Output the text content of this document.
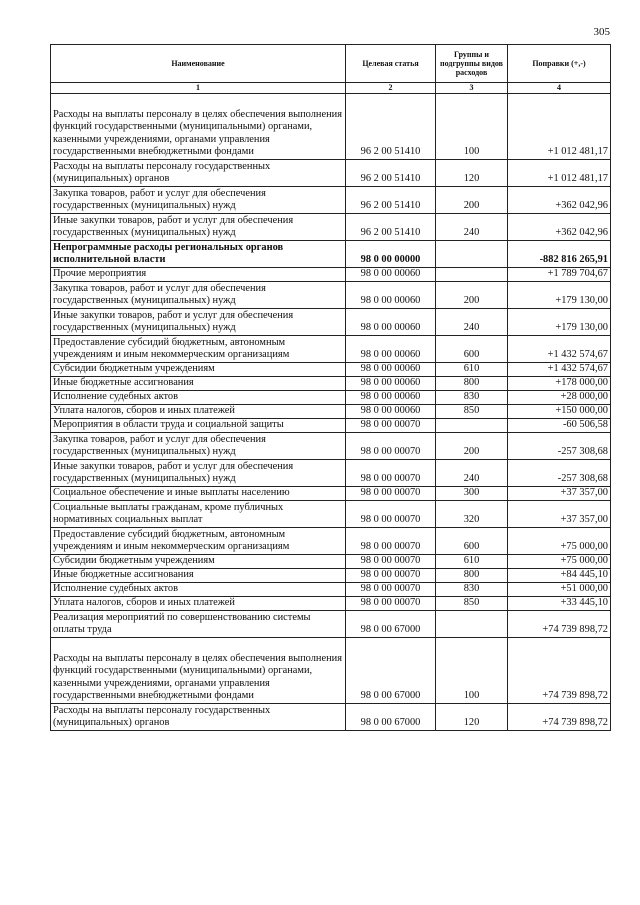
305
Наименование	Целевая статья	Группы и подгруппы видов расходов	Поправки (+,-)
1	2	3	4
Расходы на выплаты персоналу в целях обеспечения выполнения функций государственными (муниципальными) органами, казенными учреждениями, органами управления государственными внебюджетными фондами	96 2 00 51410	100	+1 012 481,17
Расходы на выплаты персоналу государственных (муниципальных) органов	96 2 00 51410	120	+1 012 481,17
Закупка товаров, работ и услуг для обеспечения государственных (муниципальных) нужд	96 2 00 51410	200	+362 042,96
Иные закупки товаров, работ и услуг для обеспечения государственных (муниципальных) нужд	96 2 00 51410	240	+362 042,96
Непрограммные расходы региональных органов исполнительной власти	98 0 00 00000		-882 816 265,91
Прочие мероприятия	98 0 00 00060		+1 789 704,67
Закупка товаров, работ и услуг для обеспечения государственных (муниципальных) нужд	98 0 00 00060	200	+179 130,00
Иные закупки товаров, работ и услуг для обеспечения государственных (муниципальных) нужд	98 0 00 00060	240	+179 130,00
Предоставление субсидий бюджетным, автономным учреждениям и иным некоммерческим организациям	98 0 00 00060	600	+1 432 574,67
Субсидии бюджетным учреждениям	98 0 00 00060	610	+1 432 574,67
Иные бюджетные ассигнования	98 0 00 00060	800	+178 000,00
Исполнение судебных актов	98 0 00 00060	830	+28 000,00
Уплата налогов, сборов и иных платежей	98 0 00 00060	850	+150 000,00
Мероприятия в области труда и социальной защиты	98 0 00 00070		-60 506,58
Закупка товаров, работ и услуг для обеспечения государственных (муниципальных) нужд	98 0 00 00070	200	-257 308,68
Иные закупки товаров, работ и услуг для обеспечения государственных (муниципальных) нужд	98 0 00 00070	240	-257 308,68
Социальное обеспечение и иные выплаты населению	98 0 00 00070	300	+37 357,00
Социальные выплаты гражданам, кроме публичных нормативных социальных выплат	98 0 00 00070	320	+37 357,00
Предоставление субсидий бюджетным, автономным учреждениям и иным некоммерческим организациям	98 0 00 00070	600	+75 000,00
Субсидии бюджетным учреждениям	98 0 00 00070	610	+75 000,00
Иные бюджетные ассигнования	98 0 00 00070	800	+84 445,10
Исполнение судебных актов	98 0 00 00070	830	+51 000,00
Уплата налогов, сборов и иных платежей	98 0 00 00070	850	+33 445,10
Реализация мероприятий по совершенствованию системы оплаты труда	98 0 00 67000		+74 739 898,72
Расходы на выплаты персоналу в целях обеспечения выполнения функций государственными (муниципальными) органами, казенными учреждениями, органами управления государственными внебюджетными фондами	98 0 00 67000	100	+74 739 898,72
Расходы на выплаты персоналу государственных (муниципальных) органов	98 0 00 67000	120	+74 739 898,72
